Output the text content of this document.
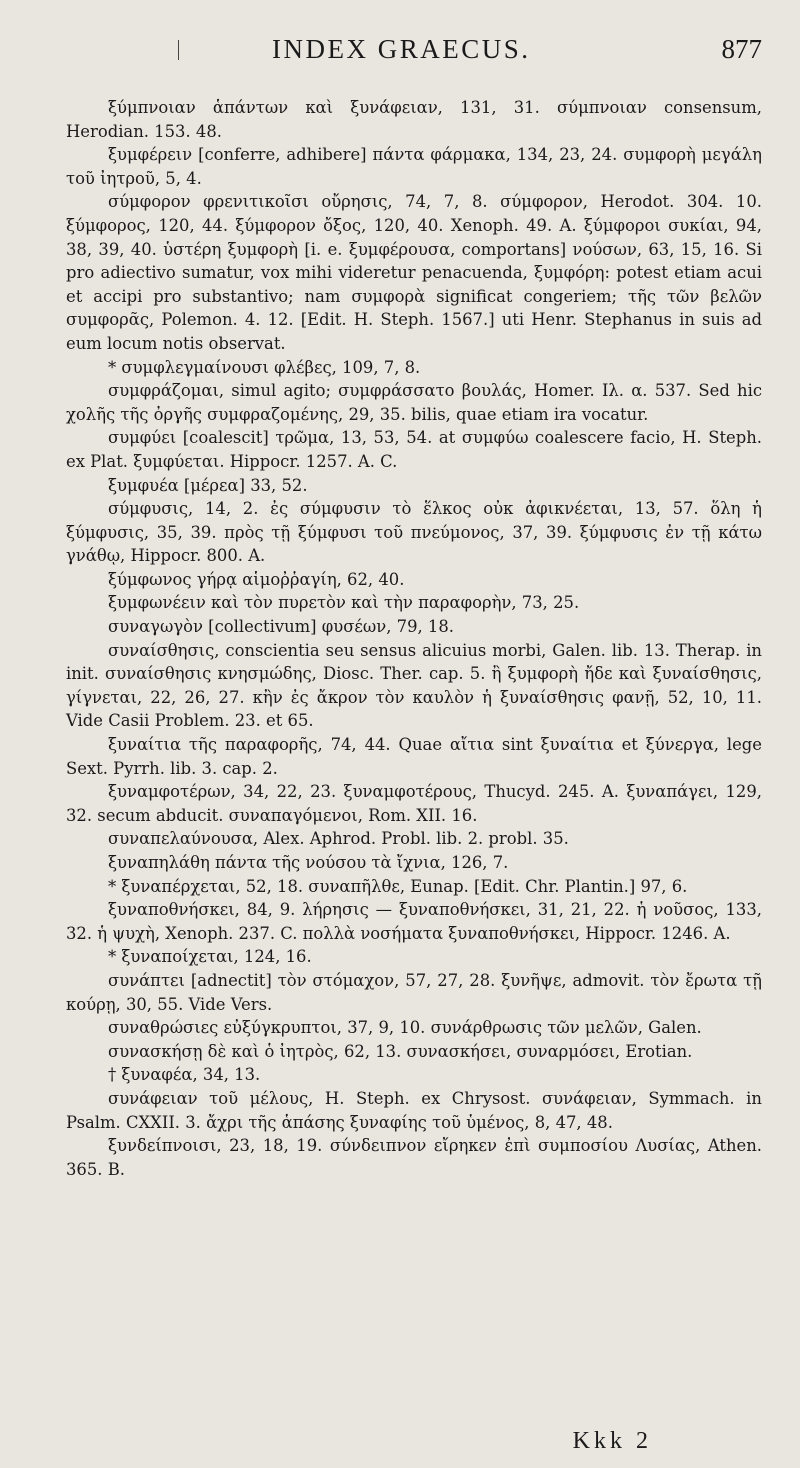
INDEX GRAECUS.	877

ξύμπνοιαν ἁπάντων καὶ ξυνάφειαν, 131, 31. σύμπνοιαν consensum, Herodian. 153. 48.

ξυμφέρειν [conferre, adhibere] πάντα φάρμακα, 134, 23, 24. συμφορὴ μεγάλη τοῦ ἰητροῦ, 5, 4.

σύμφορον φρενιτικοῖσι οὔρησις, 74, 7, 8. σύμφορον, Herodot. 304. 10. ξύμφορος, 120, 44. ξύμφορον ὄξος, 120, 40. Xenoph. 49. A. ξύμφοροι συκίαι, 94, 38, 39, 40. ὑστέρη ξυμφορὴ [i. e. ξυμφέρουσα, comportans] νούσων, 63, 15, 16. Si pro adiectivo sumatur, vox mihi videretur penacuenda, ξυμφόρη: potest etiam acui et accipi pro substantivo; nam συμφορὰ significat congeriem; τῆς τῶν βελῶν συμφορᾶς, Polemon. 4. 12. [Edit. H. Steph. 1567.] uti Henr. Stephanus in suis ad eum locum notis observat.

* συμφλεγμαίνουσι φλέβες, 109, 7, 8.

συμφράζομαι, simul agito; συμφράσσατο βουλάς, Homer. Ιλ. α. 537. Sed hic χολῆς τῆς ὀργῆς συμφραζομένης, 29, 35. bilis, quae etiam ira vocatur.

συμφύει [coalescit] τρῶμα, 13, 53, 54. at συμφύω coalescere facio, H. Steph. ex Plat. ξυμφύεται. Hippocr. 1257. A. C.

ξυμφυέα [μέρεα] 33, 52.

σύμφυσις, 14, 2. ἐς σύμφυσιν τὸ ἕλκος οὐκ ἀφικνέεται, 13, 57. ὅλη ἡ ξύμφυσις, 35, 39. πρὸς τῇ ξύμφυσι τοῦ πνεύμονος, 37, 39. ξύμφυσις ἐν τῇ κάτω γνάθῳ, Hippocr. 800. A.

ξύμφωνος γήρᾳ αἱμοῤῥαγίη, 62, 40.

ξυμφωνέειν καὶ τὸν πυρετὸν καὶ τὴν παραφορὴν, 73, 25.

συναγωγὸν [collectivum] φυσέων, 79, 18.

συναίσθησις, conscientia seu sensus alicuius morbi, Galen. lib. 13. Therap. in init. συναίσθησις κνησμώδης, Diosc. Ther. cap. 5. ἢ ξυμφορὴ ἤδε καὶ ξυναίσθησις, γίγνεται, 22, 26, 27. κἢν ἐς ἄκρον τὸν καυλὸν ἡ ξυναίσθησις φανῇ, 52, 10, 11. Vide Casii Problem. 23. et 65.

ξυναίτια τῆς παραφορῆς, 74, 44. Quae αἴτια sint ξυναίτια et ξύνεργα, lege Sext. Pyrrh. lib. 3. cap. 2.

ξυναμφοτέρων, 34, 22, 23. ξυναμφοτέρους, Thucyd. 245. A. ξυναπάγει, 129, 32. secum abducit. συναπαγόμενοι, Rom. XII. 16.

συναπελαύνουσα, Alex. Aphrod. Probl. lib. 2. probl. 35.

ξυναπηλάθη πάντα τῆς νούσου τὰ ἴχνια, 126, 7.

* ξυναπέρχεται, 52, 18. συναπῆλθε, Eunap. [Edit. Chr. Plantin.] 97, 6.

ξυναποθνήσκει, 84, 9. λήρησις — ξυναποθνήσκει, 31, 21, 22. ἡ νοῦσος, 133, 32. ἡ ψυχὴ, Xenoph. 237. C. πολλὰ νοσήματα ξυναποθνήσκει, Hippocr. 1246. A.

* ξυναποίχεται, 124, 16.

συνάπτει [adnectit] τὸν στόμαχον, 57, 27, 28. ξυνῆψε, admovit. τὸν ἔρωτα τῇ κούρῃ, 30, 55. Vide Vers.

συναθρώσιες εὐξύγκρυπτοι, 37, 9, 10. συνάρθρωσις τῶν μελῶν, Galen.

συνασκήσῃ δὲ καὶ ὁ ἰητρὸς, 62, 13. συνασκήσει, συναρμόσει, Erotian.

† ξυναφέα, 34, 13.

συνάφειαν τοῦ μέλους, H. Steph. ex Chrysost. συνάφειαν, Symmach. in Psalm. CXXII. 3. ἄχρι τῆς ἁπάσης ξυναφίης τοῦ ὑμένος, 8, 47, 48.

ξυνδείπνοισι, 23, 18, 19. σύνδειπνον εἴρηκεν ἐπὶ συμποσίου Λυσίας, Athen. 365. B.

Kkk 2
